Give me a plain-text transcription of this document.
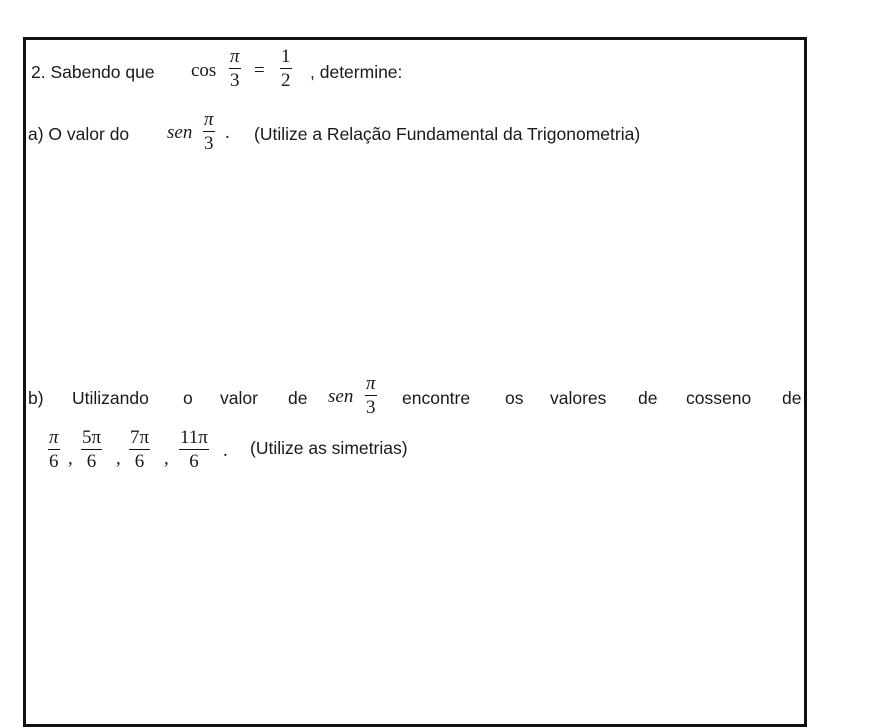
2. Sabendo que cos
π
3 =
1
2 , determine:
a) O valor do sen
π
3
. (Utilize a Relação Fundamental da Trigonometria)
b) Utilizando o valor de sen
π
3 encontre os valores de cosseno de
π
6 ,
5π
6 ,
7π
6 ,
11π
6
. (Utilize as simetrias)
